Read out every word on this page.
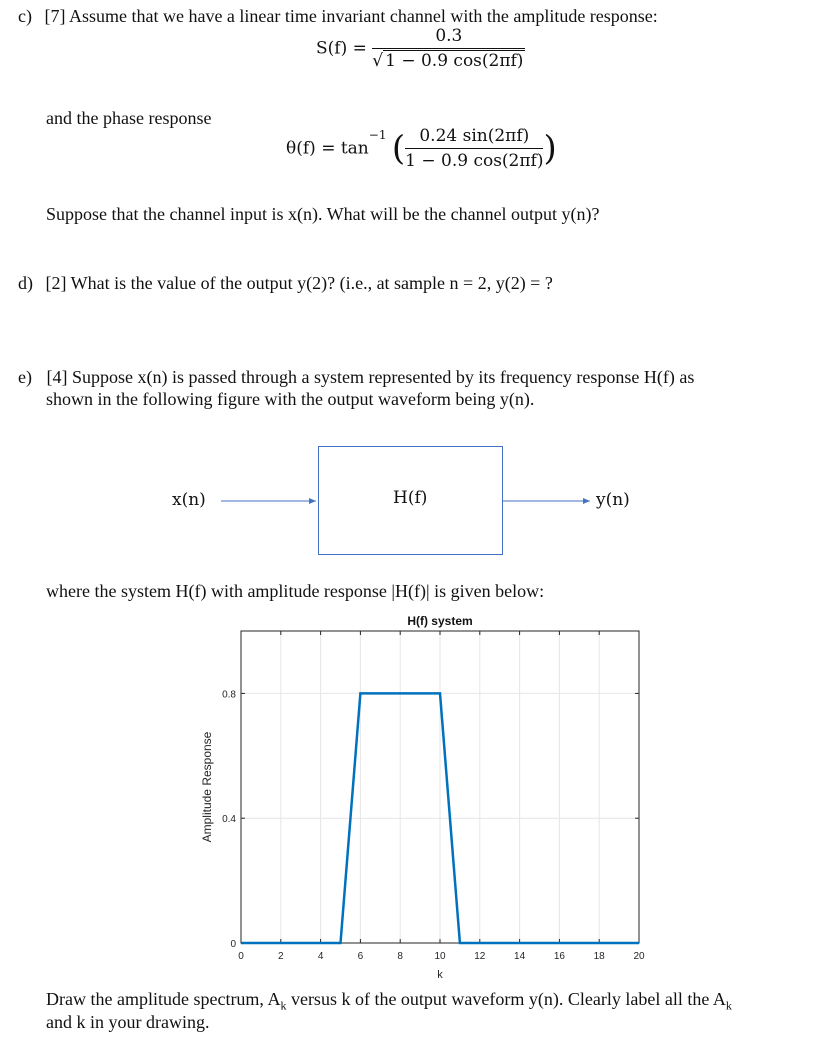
c) [7] Assume that we have a linear time invariant channel with the amplitude response:
$S(f) = \frac{0.3}{√ 1 - 0.9 \cos(2\pi f)}$
and the phase response
$\theta(f) = \tan^{-1}$ ( $\frac{0.24 \sin(2\pi f)}{1 - 0.9 \cos(2\pi f)}$ )
Suppose that the channel input is x(n). What will be the channel output y(n)?
d) [2] What is the value of the output y(2)? (i.e., at sample n = 2, y(2) = ?
e) [4] Suppose x(n) is passed through a system represented by its frequency response H(f) as
shown in the following figure with the output waveform being y(n).
x(n)	H(f)	y(n)
where the system H(f) with amplitude response |H(f)| is given below:
H(f) system
0	2	4	6	8	10	12	14	16	18	20
0
0.4
0.8
k
Amplitude Response
Draw the amplitude spectrum, $A_k$ versus k of the output waveform y(n). Clearly label all the $A_k$
and k in your drawing.
